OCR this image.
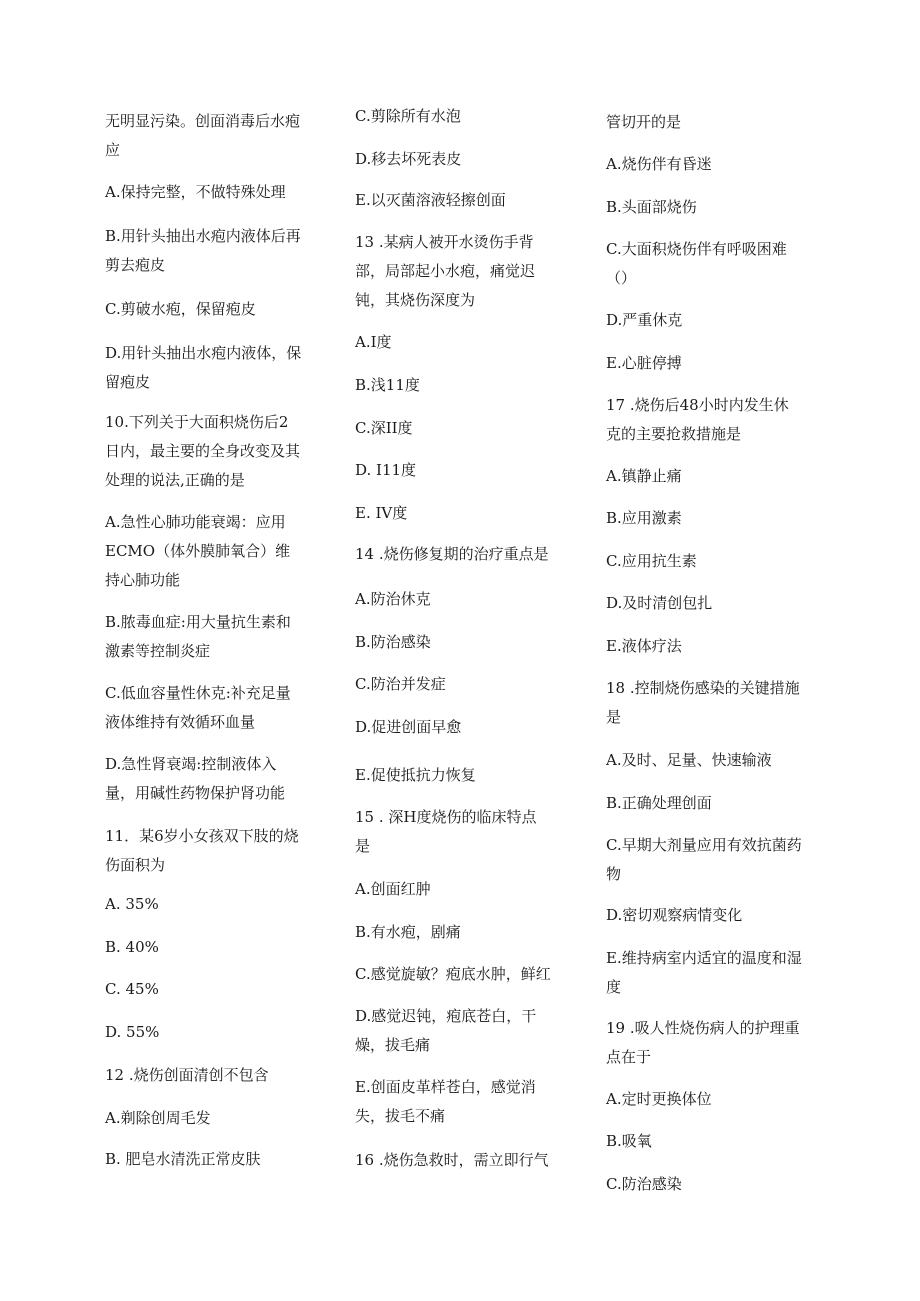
无明显污染。创面消毒后水疱
应
A.保持完整，不做特殊处理
B.用针头抽出水疱内液体后再
剪去疱皮
C.剪破水疱，保留疱皮
D.用针头抽出水疱内液体，保
留疱皮
10.下列关于大面积烧伤后2
日内，最主要的全身改变及其
处理的说法,正确的是
A.急性心肺功能衰竭：应用
ECMO（体外膜肺氧合）维
持心肺功能
B.脓毒血症:用大量抗生素和
激素等控制炎症
C.低血容量性休克:补充足量
液体维持有效循环血量
D.急性肾衰竭:控制液体入
量，用碱性药物保护肾功能
11．某6岁小女孩双下肢的烧
伤面积为
A. 35%
B. 40%
C. 45%
D. 55%
12 .烧伤创面清创不包含
A.剃除创周毛发
B. 肥皂水清洗正常皮肤
C.剪除所有水泡
D.移去坏死表皮
E.以灭菌溶液轻擦创面
13 .某病人被开水烫伤手背
部，局部起小水疱，痛觉迟
钝，其烧伤深度为
A.I度
B.浅11度
C.深II度
D. I11度
E. IV度
14 .烧伤修复期的治疗重点是
A.防治休克
B.防治感染
C.防治并发症
D.促进创面早愈
E.促使抵抗力恢复
15 . 深H度烧伤的临床特点
是
A.创面红肿
B.有水疱，剧痛
C.感觉旋敏？疱底水肿，鲜红
D.感觉迟钝，疱底苍白，干
燥，拔毛痛
E.创面皮革样苍白，感觉消
失，拔毛不痛
16 .烧伤急救时，需立即行气
管切开的是
A.烧伤伴有昏迷
B.头面部烧伤
C.大面积烧伤伴有呼吸困难
（）
D.严重休克
E.心脏停搏
17 .烧伤后48小时内发生休
克的主要抢救措施是
A.镇静止痛
B.应用激素
C.应用抗生素
D.及时清创包扎
E.液体疗法
18 .控制烧伤感染的关键措施
是
A.及时、足量、快速输液
B.正确处理创面
C.早期大剂量应用有效抗菌药
物
D.密切观察病情变化
E.维持病室内适宜的温度和湿
度
19 .吸人性烧伤病人的护理重
点在于
A.定时更换体位
B.吸氧
C.防治感染
